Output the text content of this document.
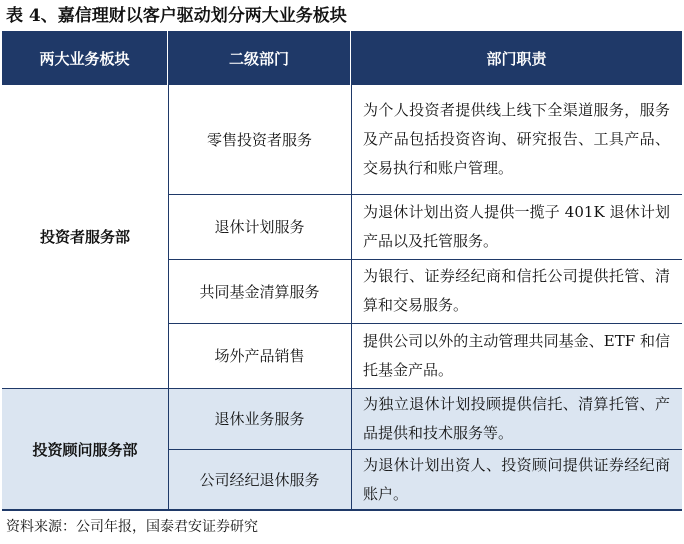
表 4、嘉信理财以客户驱动划分两大业务板块
两大业务板块	二级部门	部门职责
投资者服务部
零售投资者服务
为个人投资者提供线上线下全渠道服务，服务及产品包括投资咨询、研究报告、工具产品、交易执行和账户管理。
退休计划服务
为退休计划出资人提供一揽子 401K 退休计划产品以及托管服务。
共同基金清算服务
为银行、证券经纪商和信托公司提供托管、清算和交易服务。
场外产品销售
提供公司以外的主动管理共同基金、ETF 和信托基金产品。
投资顾问服务部
退休业务服务
为独立退休计划投顾提供信托、清算托管、产品提供和技术服务等。
公司经纪退休服务
为退休计划出资人、投资顾问提供证券经纪商账户。
资料来源：公司年报，国泰君安证券研究
